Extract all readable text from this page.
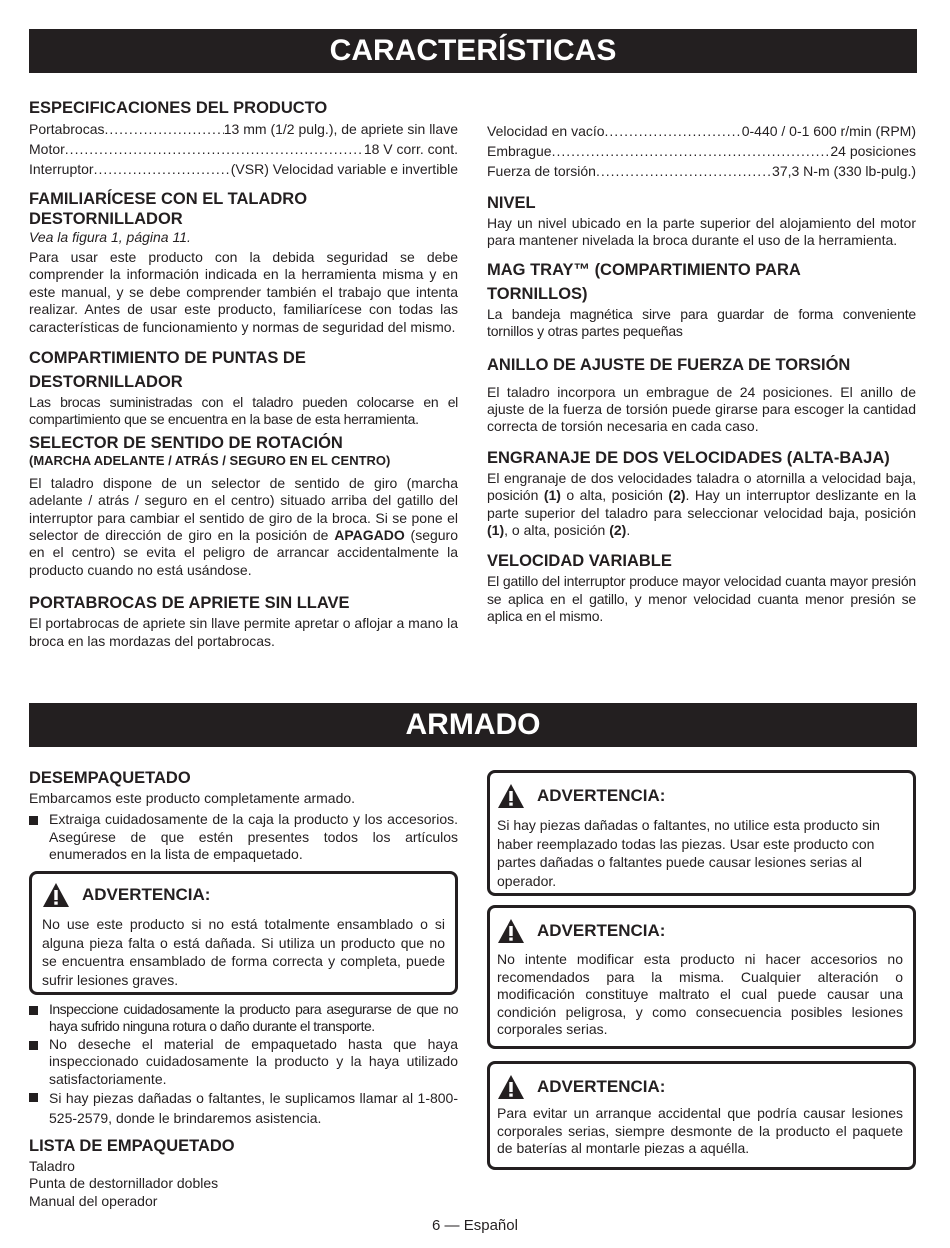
CARACTERÍSTICAS
ESPECIFICACIONES DEL PRODUCTO
Portabrocas .....	13 mm (1/2 pulg.), de apriete sin llave
Motor .....	18 V corr. cont.
Interruptor .....	(VSR) Velocidad variable e invertible
FAMILIARÍCESE CON EL TALADRO
DESTORNILLADOR

Vea la figura 1, página 11.

Para usar este producto con la debida seguridad se debe comprender la información indicada en la herramienta misma y en este manual, y se debe comprender también el trabajo que intenta realizar. Antes de usar este producto, familiarícese con todas las características de funcionamiento y normas de seguridad del mismo.

COMPARTIMIENTO DE PUNTAS DE
DESTORNILLADOR

Las brocas suministradas con el taladro pueden colocarse en el compartimiento que se encuentra en la base de esta herramienta.

SELECTOR DE SENTIDO DE ROTACIÓN
(MARCHA ADELANTE / ATRÁS / SEGURO EN EL CENTRO)

El taladro dispone de un selector de sentido de giro (marcha adelante / atrás / seguro en el centro) situado arriba del gatillo del interruptor para cambiar el sentido de giro de la broca. Si se pone el selector de dirección de giro en la posición de APAGADO (seguro en el centro) se evita el peligro de arrancar accidentalmente la producto cuando no está usándose.

PORTABROCAS DE APRIETE SIN LLAVE

El portabrocas de apriete sin llave permite apretar o aflojar a mano la broca en las mordazas del portabrocas.

Velocidad en vacío .....	0-440 / 0-1 600 r/min (RPM)
Embrague .....	24 posiciones
Fuerza de torsión .....	37,3 N-m (330 lb-pulg.)
NIVEL

Hay un nivel ubicado en la parte superior del alojamiento del motor para mantener nivelada la broca durante el uso de la herramienta.

MAG TRAY™ (COMPARTIMIENTO PARA
TORNILLOS)

La bandeja magnética sirve para guardar de forma conveniente tornillos y otras partes pequeñas

ANILLO DE AJUSTE DE FUERZA DE TORSIÓN

El taladro incorpora un embrague de 24 posiciones. El anillo de ajuste de la fuerza de torsión puede girarse para escoger la cantidad correcta de torsión necesaria en cada caso.

ENGRANAJE DE DOS VELOCIDADES (ALTA-BAJA)

El engranaje de dos velocidades taladra o atornilla a velocidad baja, posición (1) o alta, posición (2). Hay un interruptor deslizante en la parte superior del taladro para seleccionar velocidad baja, posición (1), o alta, posición (2).

VELOCIDAD VARIABLE

El gatillo del interruptor produce mayor velocidad cuanta mayor presión se aplica en el gatillo, y menor velocidad cuanta menor presión se aplica en el mismo.

ARMADO
DESEMPAQUETADO

Embarcamos este producto completamente armado.

Extraiga cuidadosamente de la caja la producto y los accesorios. Asegúrese de que estén presentes todos los artículos enumerados en la lista de empaquetado.
ADVERTENCIA:

No use este producto si no está totalmente ensamblado o si alguna pieza falta o está dañada. Si utiliza un producto que no se encuentra ensamblado de forma correcta y completa, puede sufrir lesiones graves.

Inspeccione cuidadosamente la producto para asegurarse de que no haya sufrido ninguna rotura o daño durante el transporte.
No deseche el material de empaquetado hasta que haya inspeccionado cuidadosamente la producto y la haya utilizado satisfactoriamente.
Si hay piezas dañadas o faltantes, le suplicamos llamar al 1-800-525-2579, donde le brindaremos asistencia.
LISTA DE EMPAQUETADO

Taladro

Punta de destornillador dobles

Manual del operador

ADVERTENCIA:

Si hay piezas dañadas o faltantes, no utilice esta producto sin haber reemplazado todas las piezas. Usar este producto con partes dañadas o faltantes puede causar lesiones serias al operador.

ADVERTENCIA:

No intente modificar esta producto ni hacer accesorios no recomendados para la misma. Cualquier alteración o modificación constituye maltrato el cual puede causar una condición peligrosa, y como consecuencia posibles lesiones corporales serias.

ADVERTENCIA:

Para evitar un arranque accidental que podría causar lesiones corporales serias, siempre desmonte de la producto el paquete de baterías al montarle piezas a aquélla.

6 — Español
